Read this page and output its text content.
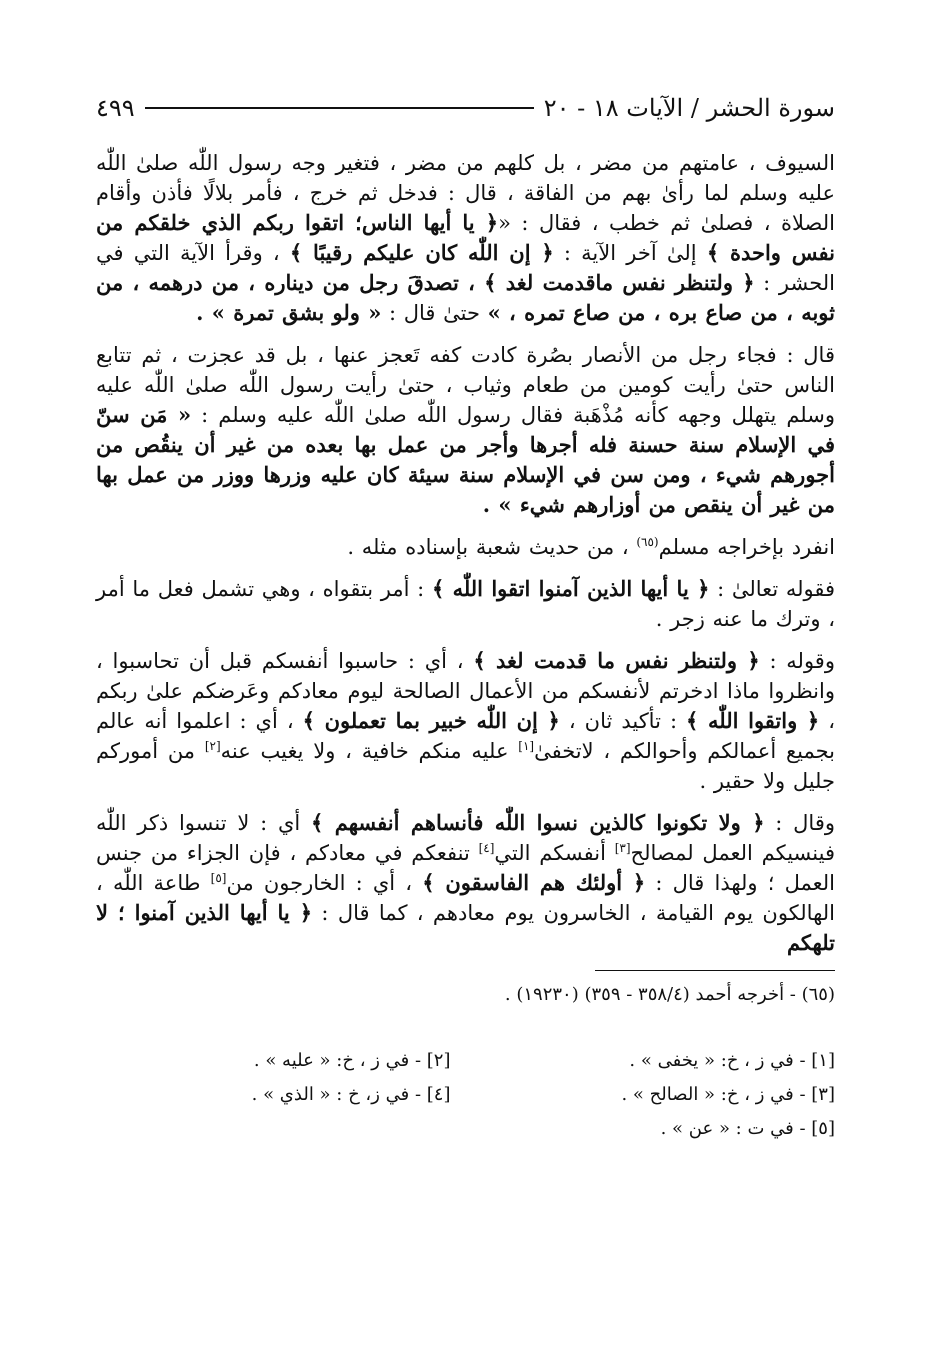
سورة الحشر / الآيات ١٨ - ٢٠
٤٩٩

السيوف ، عامتهم من مضر ، بل كلهم من مضر ، فتغير وجه رسول اللّٰه صلىٰ اللّٰه عليه وسلم لما رأىٰ بهم من الفاقة ، قال : فدخل ثم خرج ، فأمر بلالًا فأذن وأقام الصلاة ، فصلىٰ ثم خطب ، فقال : «﴿ يا أيها الناس؛ اتقوا ربكم الذي خلقكم من نفس واحدة ﴾ إلىٰ آخر الآية : ﴿ إن اللّٰه كان عليكم رقيبًا ﴾ ، وقرأ الآية التي في الحشر : ﴿ ولتنظر نفس ماقدمت لغد ﴾ ، تصدقَ رجل من ديناره ، من درهمه ، من ثوبه ، من صاع بره ، من صاع تمره ، » حتىٰ قال : « ولو بشق تمرة » .

قال : فجاء رجل من الأنصار بصُرة كادت كفه تَعجز عنها ، بل قد عجزت ، ثم تتابع الناس حتىٰ رأيت كومين من طعام وثياب ، حتىٰ رأيت رسول اللّٰه صلىٰ اللّٰه عليه وسلم يتهلل وجهه كأنه مُذْهَبة فقال رسول اللّٰه صلىٰ اللّٰه عليه وسلم : « مَن سنّ في الإسلام سنة حسنة فله أجرها وأجر من عمل بها بعده من غير أن ينقُص من أجورهم شيء ، ومن سن في الإسلام سنة سيئة كان عليه وزرها ووزر من عمل بها من غير أن ينقص من أوزارهم شيء » .

انفرد بإخراجه مسلم$^{(٦٥)}$ ، من حديث شعبة بإسناده مثله .

فقوله تعالىٰ : ﴿ يا أيها الذين آمنوا اتقوا اللّٰه ﴾ : أمر بتقواه ، وهي تشمل فعل ما أمر ، وترك ما عنه زجر .

وقوله : ﴿ ولتنظر نفس ما قدمت لغد ﴾ ، أي : حاسبوا أنفسكم قبل أن تحاسبوا ، وانظروا ماذا ادخرتم لأنفسكم من الأعمال الصالحة ليوم معادكم وعَرضكم علىٰ ربكم ، ﴿ واتقوا اللّٰه ﴾ : تأكيد ثان ، ﴿ إن اللّٰه خبير بما تعملون ﴾ ، أي : اعلموا أنه عالم بجميع أعمالكم وأحوالكم ، لاتخفىٰ[١] عليه منكم خافية ، ولا يغيب عنه[٢] من أموركم جليل ولا حقير .

وقال : ﴿ ولا تكونوا كالذين نسوا اللّٰه فأنساهم أنفسهم ﴾ أي : لا تنسوا ذكر اللّٰه فينسيكم العمل لمصالح[٣] أنفسكم التي[٤] تنفعكم في معادكم ، فإن الجزاء من جنس العمل ؛ ولهذا قال : ﴿ أولئك هم الفاسقون ﴾ ، أي : الخارجون من[٥] طاعة اللّٰه ، الهالكون يوم القيامة ، الخاسرون يوم معادهم ، كما قال : ﴿ يا أيها الذين آمنوا ؛ لا تلهكم

(٦٥) - أخرجه أحمد (٣٥٨/٤ - ٣٥٩) (١٩٢٣٠) .
[١] - في ز ، خ: « يخفى » .
[٢] - في ز ، خ: « عليه » .
[٣] - في ز ، خ: « الصالح » .
[٤] - في ز، خ : « الذي » .
[٥] - في ت : « عن » .
